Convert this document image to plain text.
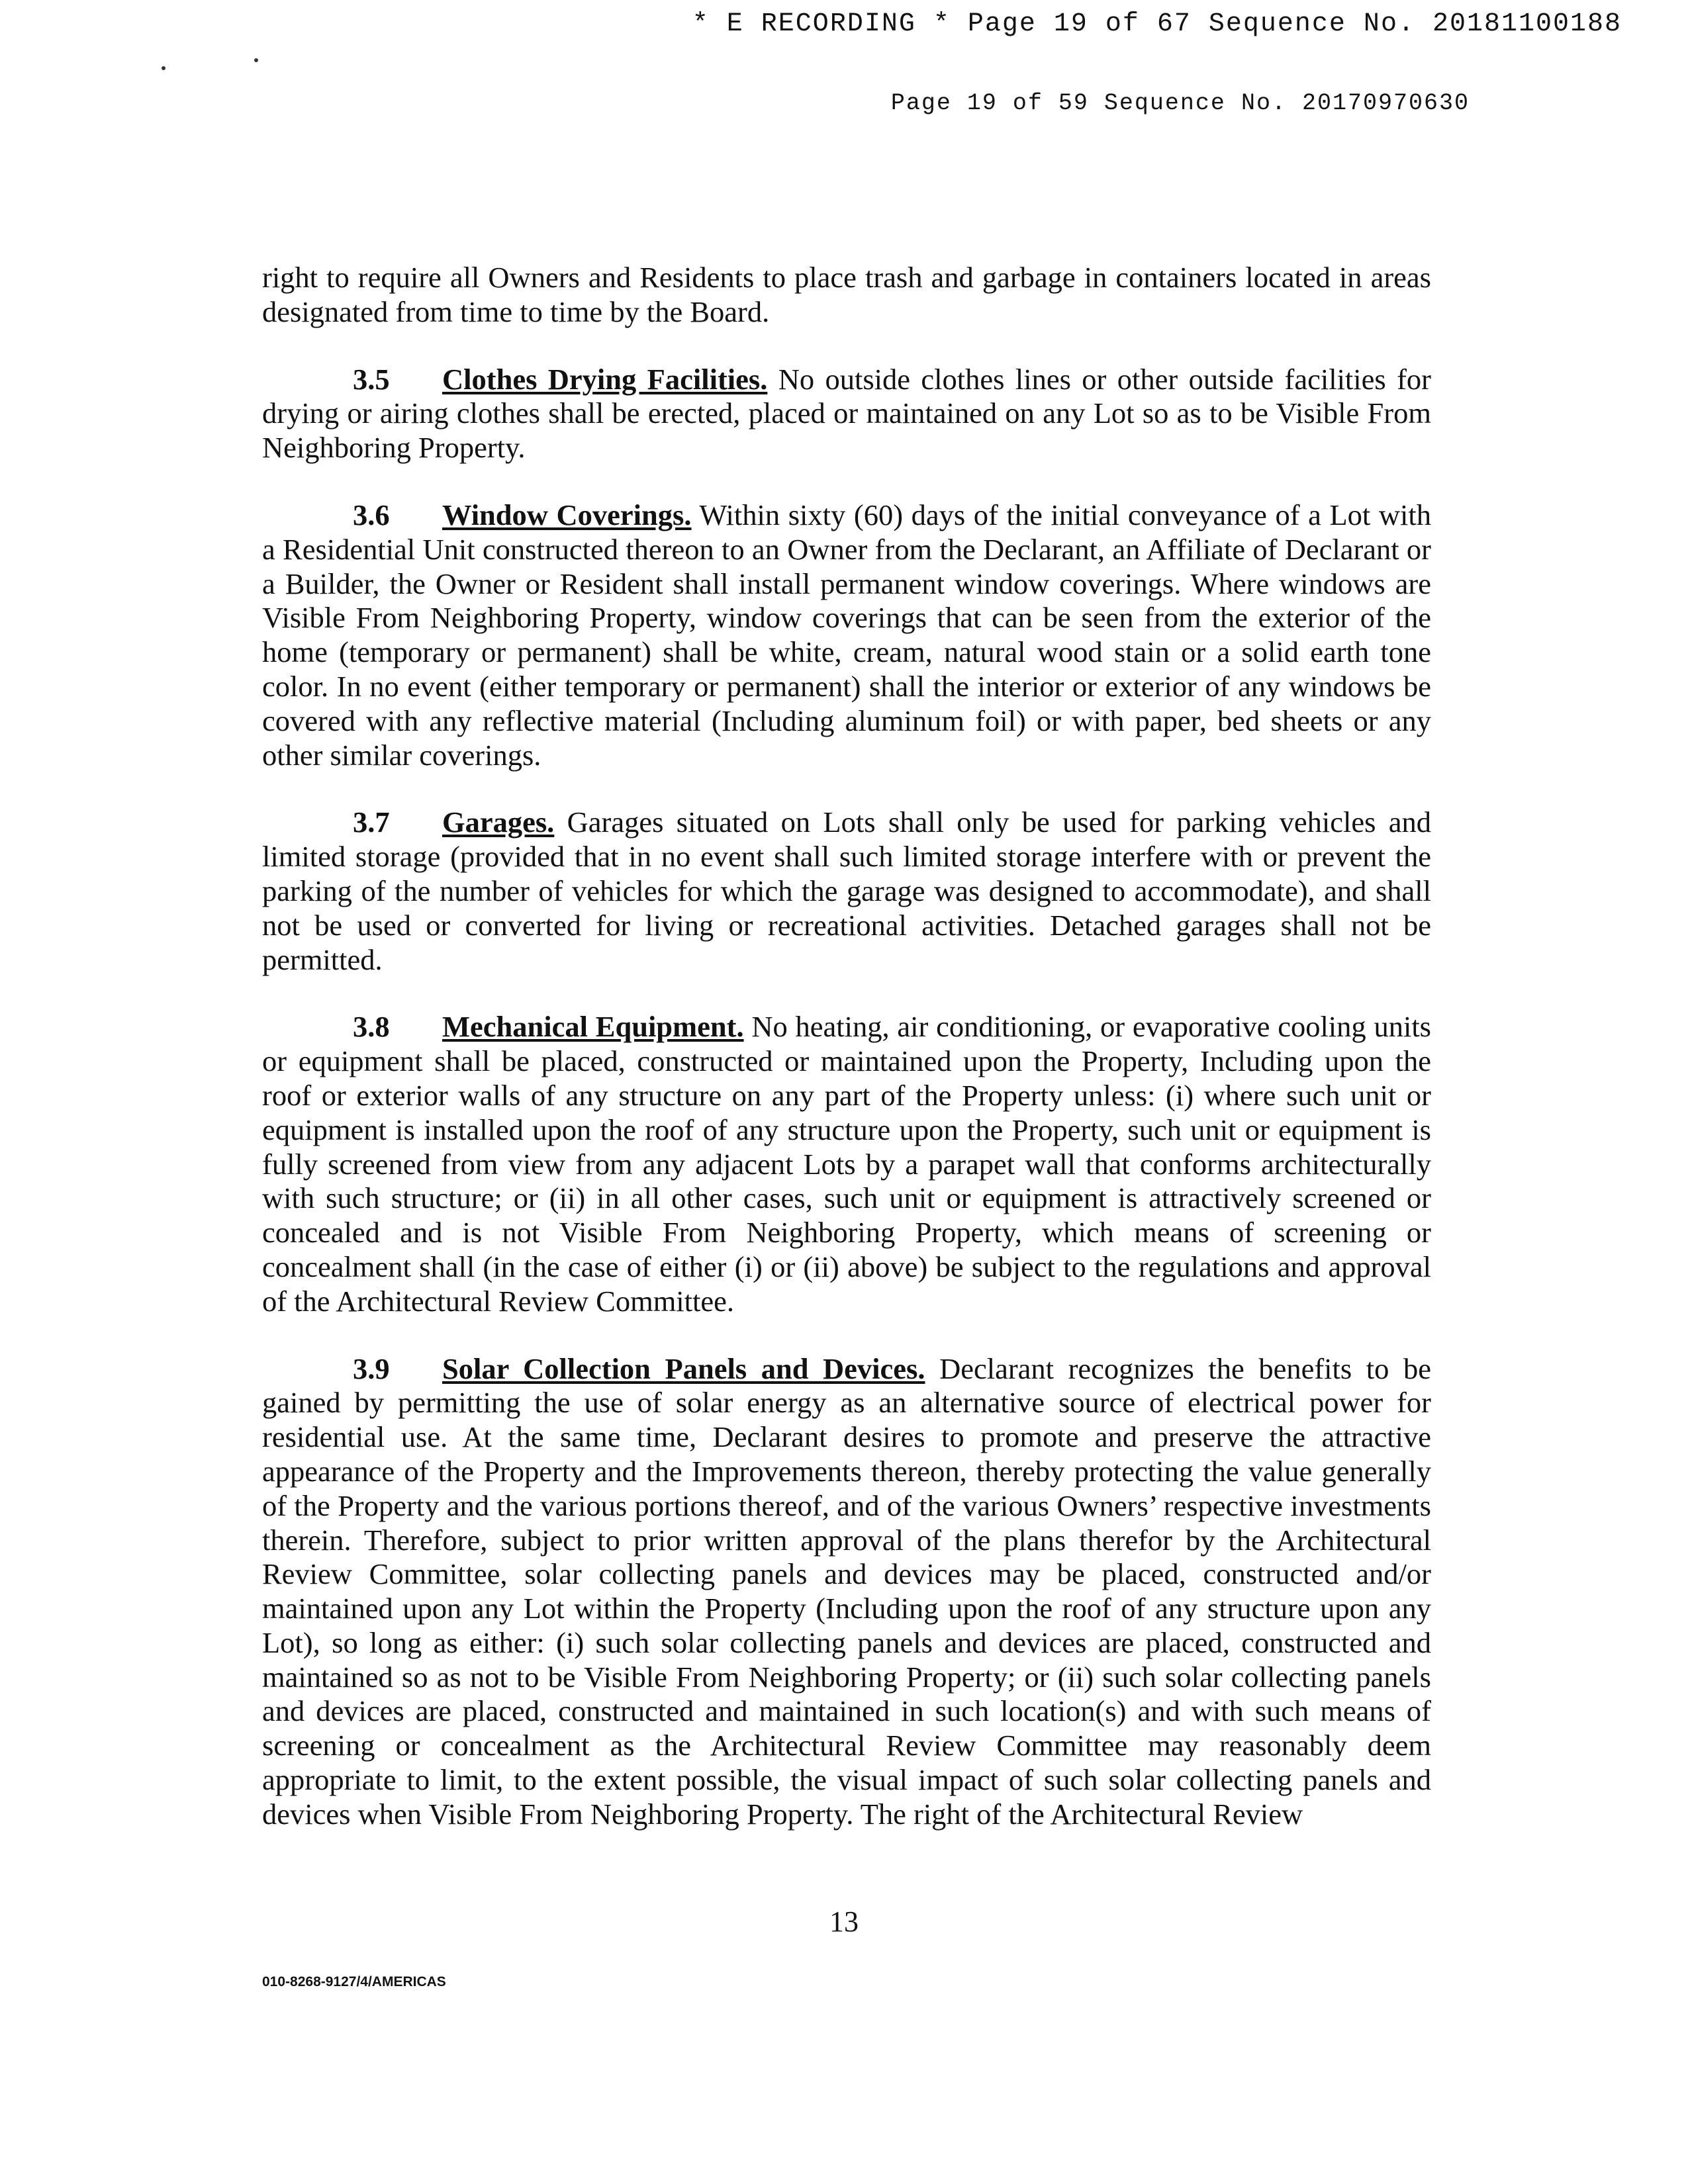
* E RECORDING * Page 19 of 67 Sequence No. 20181100188
Page 19 of 59 Sequence No. 20170970630

right to require all Owners and Residents to place trash and garbage in containers located in areas designated from time to time by the Board.

3.5 Clothes Drying Facilities. No outside clothes lines or other outside facilities for drying or airing clothes shall be erected, placed or maintained on any Lot so as to be Visible From Neighboring Property.

3.6 Window Coverings. Within sixty (60) days of the initial conveyance of a Lot with a Residential Unit constructed thereon to an Owner from the Declarant, an Affiliate of Declarant or a Builder, the Owner or Resident shall install permanent window coverings. Where windows are Visible From Neighboring Property, window coverings that can be seen from the exterior of the home (temporary or permanent) shall be white, cream, natural wood stain or a solid earth tone color. In no event (either temporary or permanent) shall the interior or exterior of any windows be covered with any reflective material (Including aluminum foil) or with paper, bed sheets or any other similar coverings.

3.7 Garages. Garages situated on Lots shall only be used for parking vehicles and limited storage (provided that in no event shall such limited storage interfere with or prevent the parking of the number of vehicles for which the garage was designed to accommodate), and shall not be used or converted for living or recreational activities. Detached garages shall not be permitted.

3.8 Mechanical Equipment. No heating, air conditioning, or evaporative cooling units or equipment shall be placed, constructed or maintained upon the Property, Including upon the roof or exterior walls of any structure on any part of the Property unless: (i) where such unit or equipment is installed upon the roof of any structure upon the Property, such unit or equipment is fully screened from view from any adjacent Lots by a parapet wall that conforms architecturally with such structure; or (ii) in all other cases, such unit or equipment is attractively screened or concealed and is not Visible From Neighboring Property, which means of screening or concealment shall (in the case of either (i) or (ii) above) be subject to the regulations and approval of the Architectural Review Committee.

3.9 Solar Collection Panels and Devices. Declarant recognizes the benefits to be gained by permitting the use of solar energy as an alternative source of electrical power for residential use. At the same time, Declarant desires to promote and preserve the attractive appearance of the Property and the Improvements thereon, thereby protecting the value generally of the Property and the various portions thereof, and of the various Owners’ respective investments therein. Therefore, subject to prior written approval of the plans therefor by the Architectural Review Committee, solar collecting panels and devices may be placed, constructed and/or maintained upon any Lot within the Property (Including upon the roof of any structure upon any Lot), so long as either: (i) such solar collecting panels and devices are placed, constructed and maintained so as not to be Visible From Neighboring Property; or (ii) such solar collecting panels and devices are placed, constructed and maintained in such location(s) and with such means of screening or concealment as the Architectural Review Committee may reasonably deem appropriate to limit, to the extent possible, the visual impact of such solar collecting panels and devices when Visible From Neighboring Property. The right of the Architectural Review

13
010-8268-9127/4/AMERICAS
